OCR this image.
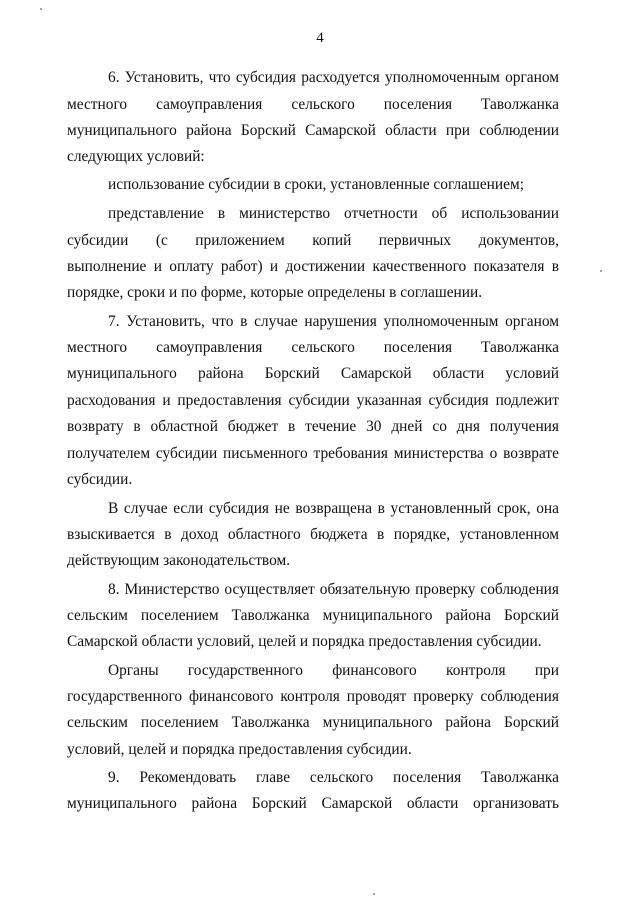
4
6. Установить, что субсидия расходуется уполномоченным органом
местного самоуправления сельского поселения Таволжанка
муниципального района Борский Самарской области при соблюдении
следующих условий:
использование субсидии в сроки, установленные соглашением;
представление в министерство отчетности об использовании
субсидии (с приложением копий первичных документов,
выполнение и оплату работ) и достижении качественного показателя в
порядке, сроки и по форме, которые определены в соглашении.
7. Установить, что в случае нарушения уполномоченным органом
местного самоуправления сельского поселения Таволжанка
муниципального района Борский Самарской области условий
расходования и предоставления субсидии указанная субсидия подлежит
возврату в областной бюджет в течение 30 дней со дня получения
получателем субсидии письменного требования министерства о возврате
субсидии.
В случае если субсидия не возвращена в установленный срок, она
взыскивается в доход областного бюджета в порядке, установленном
действующим законодательством.
8. Министерство осуществляет обязательную проверку соблюдения
сельским поселением Таволжанка муниципального района Борский
Самарской области условий, целей и порядка предоставления субсидии.
Органы государственного финансового контроля при
государственного финансового контроля проводят проверку соблюдения
сельским поселением Таволжанка муниципального района Борский
условий, целей и порядка предоставления субсидии.
9. Рекомендовать главе сельского поселения Таволжанка
муниципального района Борский Самарской области организовать
